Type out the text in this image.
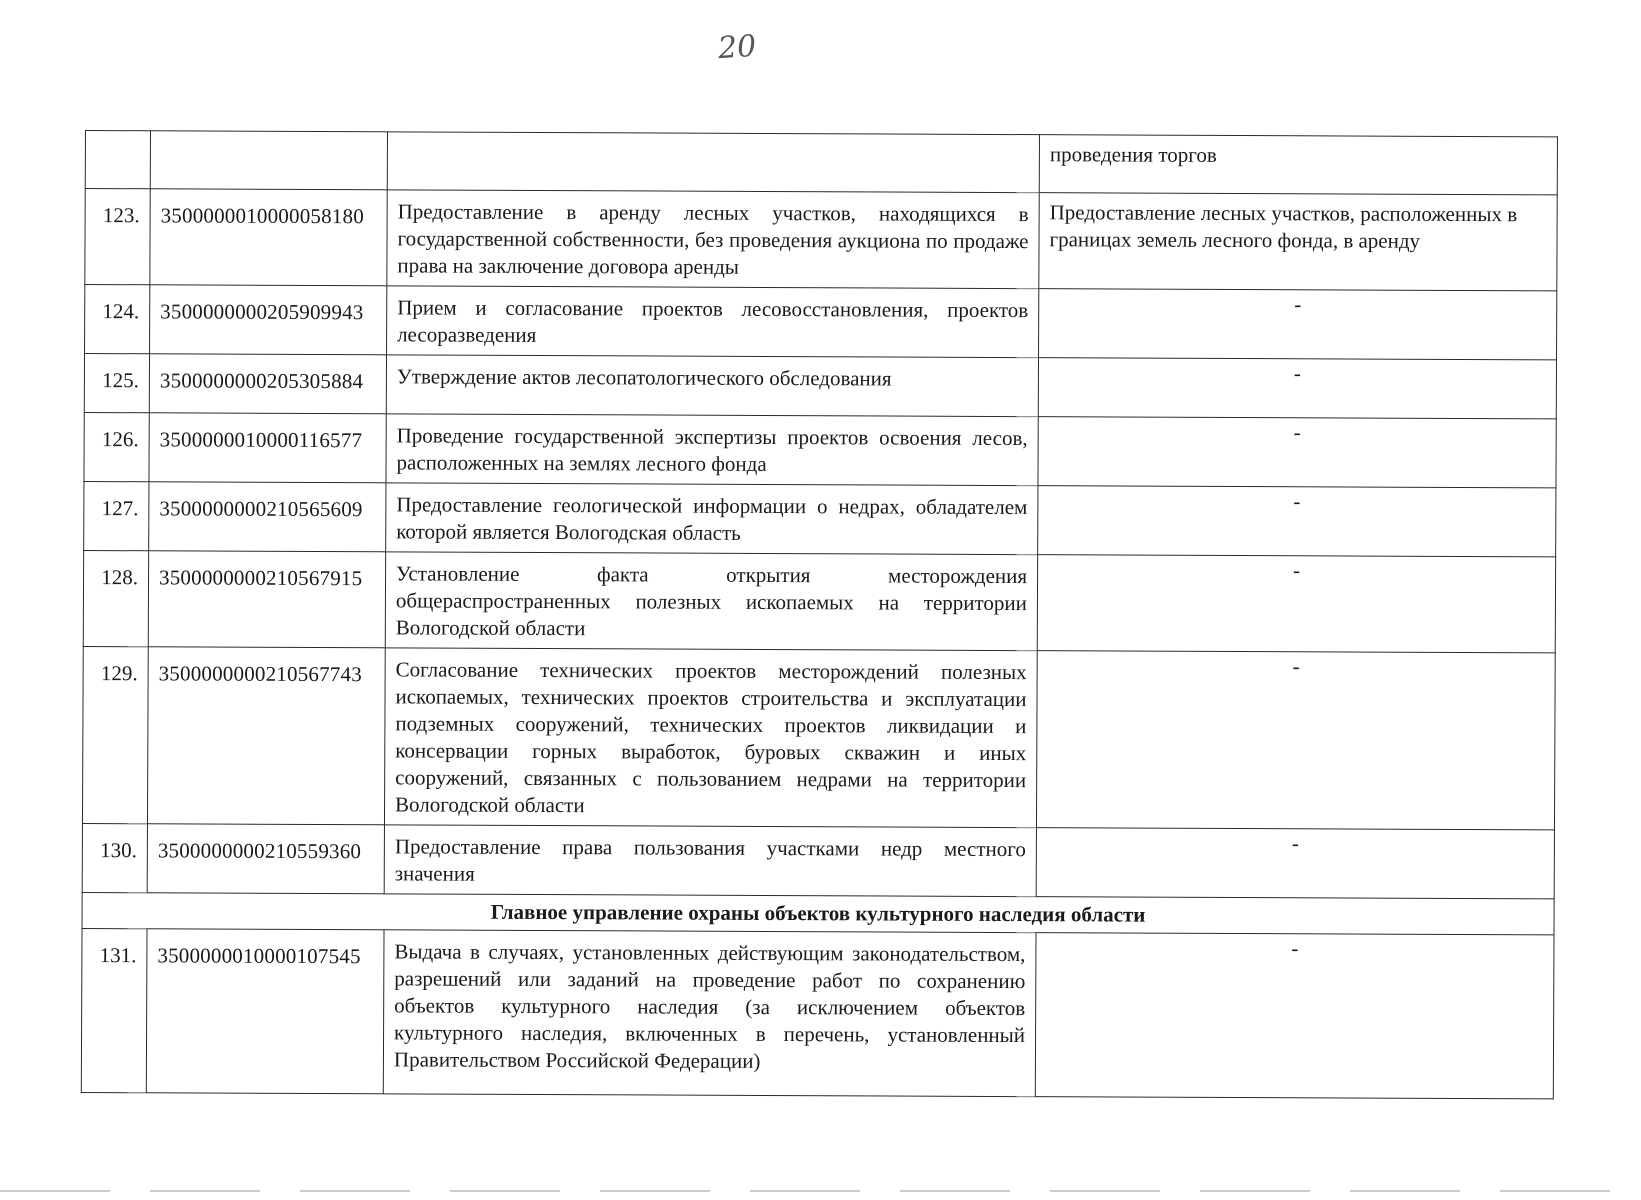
20
			проведения торгов
123.	3500000010000058180	Предоставление в аренду лесных участков, находящихся в государственной собственности, без проведения аукциона по продаже права на заключение договора аренды	Предоставление лесных участков, расположенных в границах земель лесного фонда, в аренду
124.	3500000000205909943	Прием и согласование проектов лесовосстановления, проектов лесоразведения	-
125.	3500000000205305884	Утверждение актов лесопатологического обследования	-
126.	3500000010000116577	Проведение государственной экспертизы проектов освоения лесов, расположенных на землях лесного фонда	-
127.	3500000000210565609	Предоставление геологической информации о недрах, обладателем которой является Вологодская область	-
128.	3500000000210567915	Установление факта открытия месторождения общераспространенных полезных ископаемых на территории Вологодской области	-
129.	3500000000210567743	Согласование технических проектов месторождений полезных ископаемых, технических проектов строительства и эксплуатации подземных сооружений, технических проектов ликвидации и консервации горных выработок, буровых скважин и иных сооружений, связанных с пользованием недрами на территории Вологодской области	-
130.	3500000000210559360	Предоставление права пользования участками недр местного значения	-
Главное управление охраны объектов культурного наследия области			
131.	3500000010000107545	Выдача в случаях, установленных действующим законодательством, разрешений или заданий на проведение работ по сохранению объектов культурного наследия (за исключением объектов культурного наследия, включенных в перечень, установленный Правительством Российской Федерации)	-
